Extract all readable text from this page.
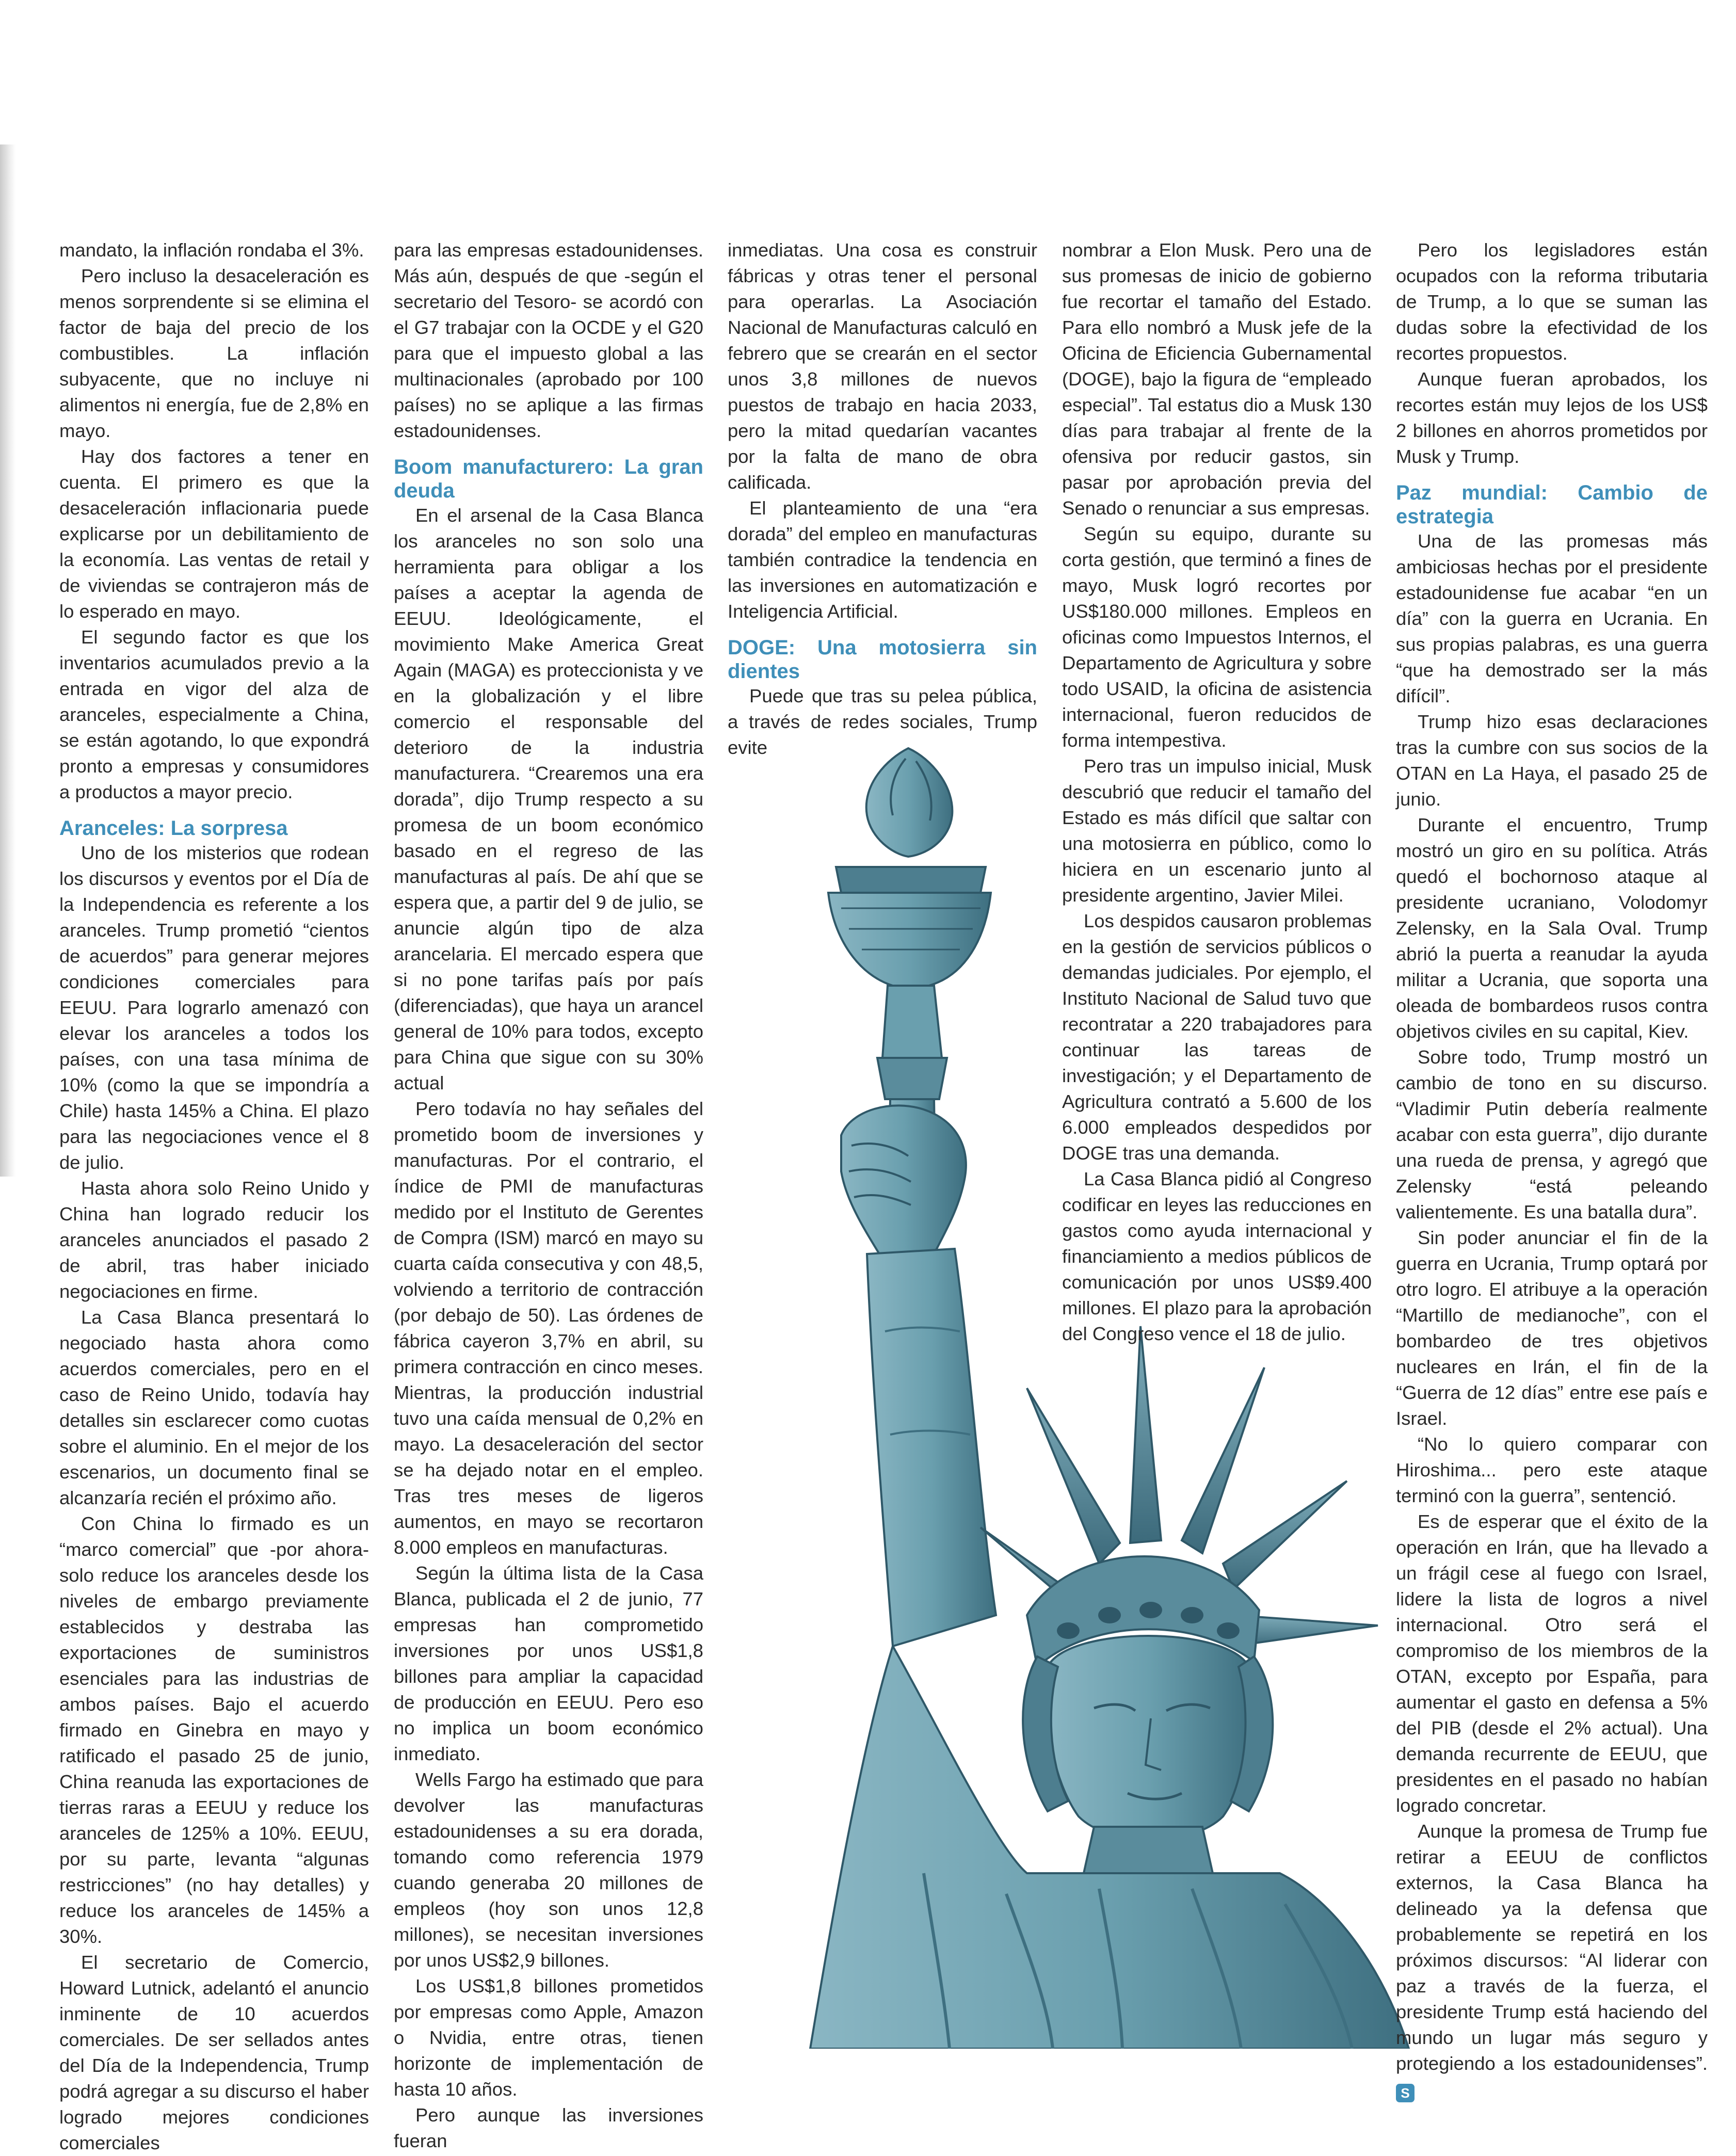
mandato, la inflación rondaba el 3%.

Pero incluso la desaceleración es menos sorprendente si se elimina el factor de baja del precio de los combustibles. La inflación subyacente, que no incluye ni alimentos ni energía, fue de 2,8% en mayo.

Hay dos factores a tener en cuenta. El primero es que la desaceleración inflacionaria puede explicarse por un debilitamiento de la economía. Las ventas de retail y de viviendas se contrajeron más de lo esperado en mayo.

El segundo factor es que los inventarios acumulados previo a la entrada en vigor del alza de aranceles, especialmente a China, se están agotando, lo que expondrá pronto a empresas y consumidores a productos a mayor precio.

Aranceles: La sorpresa

Uno de los misterios que rodean los discursos y eventos por el Día de la Independencia es referente a los aranceles. Trump prometió “cientos de acuerdos” para generar mejores condiciones comerciales para EEUU. Para lograrlo amenazó con elevar los aranceles a todos los países, con una tasa mínima de 10% (como la que se impondría a Chile) hasta 145% a China. El plazo para las negociaciones vence el 8 de julio.

Hasta ahora solo Reino Unido y China han logrado reducir los aranceles anunciados el pasado 2 de abril, tras haber iniciado negociaciones en firme.

La Casa Blanca presentará lo negociado hasta ahora como acuerdos comerciales, pero en el caso de Reino Unido, todavía hay detalles sin esclarecer como cuotas sobre el aluminio. En el mejor de los escenarios, un documento final se alcanzaría recién el próximo año.

Con China lo firmado es un “marco comercial” que -por ahora- solo reduce los aranceles desde los niveles de embargo previamente establecidos y destraba las exportaciones de suministros esenciales para las industrias de ambos países. Bajo el acuerdo firmado en Ginebra en mayo y ratificado el pasado 25 de junio, China reanuda las exportaciones de tierras raras a EEUU y reduce los aranceles de 125% a 10%. EEUU, por su parte, levanta “algunas restricciones” (no hay detalles) y reduce los aranceles de 145% a 30%.

El secretario de Comercio, Howard Lutnick, adelantó el anuncio inminente de 10 acuerdos comerciales. De ser sellados antes del Día de la Independencia, Trump podrá agregar a su discurso el haber logrado mejores condiciones comerciales

para las empresas estadounidenses. Más aún, después de que -según el secretario del Tesoro- se acordó con el G7 trabajar con la OCDE y el G20 para que el impuesto global a las multinacionales (aprobado por 100 países) no se aplique a las firmas estadounidenses.

Boom manufacturero: La gran deuda

En el arsenal de la Casa Blanca los aranceles no son solo una herramienta para obligar a los países a aceptar la agenda de EEUU. Ideológicamente, el movimiento Make America Great Again (MAGA) es proteccionista y ve en la globalización y el libre comercio el responsable del deterioro de la industria manufacturera. “Crearemos una era dorada”, dijo Trump respecto a su promesa de un boom económico basado en el regreso de las manufacturas al país. De ahí que se espera que, a partir del 9 de julio, se anuncie algún tipo de alza arancelaria. El mercado espera que si no pone tarifas país por país (diferenciadas), que haya un arancel general de 10% para todos, excepto para China que sigue con su 30% actual

Pero todavía no hay señales del prometido boom de inversiones y manufacturas. Por el contrario, el índice de PMI de manufacturas medido por el Instituto de Gerentes de Compra (ISM) marcó en mayo su cuarta caída consecutiva y con 48,5, volviendo a territorio de contracción (por debajo de 50). Las órdenes de fábrica cayeron 3,7% en abril, su primera contracción en cinco meses. Mientras, la producción industrial tuvo una caída mensual de 0,2% en mayo. La desaceleración del sector se ha dejado notar en el empleo. Tras tres meses de ligeros aumentos, en mayo se recortaron 8.000 empleos en manufacturas.

Según la última lista de la Casa Blanca, publicada el 2 de junio, 77 empresas han comprometido inversiones por unos US$1,8 billones para ampliar la capacidad de producción en EEUU. Pero eso no implica un boom económico inmediato.

Wells Fargo ha estimado que para devolver las manufacturas estadounidenses a su era dorada, tomando como referencia 1979 cuando generaba 20 millones de empleos (hoy son unos 12,8 millones), se necesitan inversiones por unos US$2,9 billones.

Los US$1,8 billones prometidos por empresas como Apple, Amazon o Nvidia, entre otras, tienen horizonte de implementación de hasta 10 años.

Pero aunque las inversiones fueran

inmediatas. Una cosa es construir fábricas y otras tener el personal para operarlas. La Asociación Nacional de Manufacturas calculó en febrero que se crearán en el sector unos 3,8 millones de nuevos puestos de trabajo en hacia 2033, pero la mitad quedarían vacantes por la falta de mano de obra calificada.

El planteamiento de una “era dorada” del empleo en manufacturas también contradice la tendencia en las inversiones en automatización e Inteligencia Artificial.

DOGE: Una motosierra sin dientes

Puede que tras su pelea pública, a través de redes sociales, Trump evite

nombrar a Elon Musk. Pero una de sus promesas de inicio de gobierno fue recortar el tamaño del Estado. Para ello nombró a Musk jefe de la Oficina de Eficiencia Gubernamental (DOGE), bajo la figura de “empleado especial”. Tal estatus dio a Musk 130 días para trabajar al frente de la ofensiva por reducir gastos, sin pasar por aprobación previa del Senado o renunciar a sus empresas.

Según su equipo, durante su corta gestión, que terminó a fines de mayo, Musk logró recortes por US$180.000 millones. Empleos en oficinas como Impuestos Internos, el Departamento de Agricultura y sobre todo USAID, la oficina de asistencia internacional, fueron reducidos de forma intempestiva.

Pero tras un impulso inicial, Musk descubrió que reducir el tamaño del Estado es más difícil que saltar con una motosierra en público, como lo hiciera en un escenario junto al presidente argentino, Javier Milei.

Los despidos causaron problemas en la gestión de servicios públicos o demandas judiciales. Por ejemplo, el Instituto Nacional de Salud tuvo que recontratar a 220 trabajadores para continuar las tareas de investigación; y el Departamento de Agricultura contrató a 5.600 de los 6.000 empleados despedidos por DOGE tras una demanda.

La Casa Blanca pidió al Congreso codificar en leyes las reducciones en gastos como ayuda internacional y financiamiento a medios públicos de comunicación por unos US$9.400 millones. El plazo para la aprobación del Congreso vence el 18 de julio.

Pero los legisladores están ocupados con la reforma tributaria de Trump, a lo que se suman las dudas sobre la efectividad de los recortes propuestos.

Aunque fueran aprobados, los recortes están muy lejos de los US$ 2 billones en ahorros prometidos por Musk y Trump.

Paz mundial: Cambio de estrategia

Una de las promesas más ambiciosas hechas por el presidente estadounidense fue acabar “en un día” con la guerra en Ucrania. En sus propias palabras, es una guerra “que ha demostrado ser la más difícil”.

Trump hizo esas declaraciones tras la cumbre con sus socios de la OTAN en La Haya, el pasado 25 de junio.

Durante el encuentro, Trump mostró un giro en su política. Atrás quedó el bochornoso ataque al presidente ucraniano, Volodomyr Zelensky, en la Sala Oval. Trump abrió la puerta a reanudar la ayuda militar a Ucrania, que soporta una oleada de bombardeos rusos contra objetivos civiles en su capital, Kiev.

Sobre todo, Trump mostró un cambio de tono en su discurso. “Vladimir Putin debería realmente acabar con esta guerra”, dijo durante una rueda de prensa, y agregó que Zelensky “está peleando valientemente. Es una batalla dura”.

Sin poder anunciar el fin de la guerra en Ucrania, Trump optará por otro logro. El atribuye a la operación “Martillo de medianoche”, con el bombardeo de tres objetivos nucleares en Irán, el fin de la “Guerra de 12 días” entre ese país e Israel.

“No lo quiero comparar con Hiroshima... pero este ataque terminó con la guerra”, sentenció.

Es de esperar que el éxito de la operación en Irán, que ha llevado a un frágil cese al fuego con Israel, lidere la lista de logros a nivel internacional. Otro será el compromiso de los miembros de la OTAN, excepto por España, para aumentar el gasto en defensa a 5% del PIB (desde el 2% actual). Una demanda recurrente de EEUU, que presidentes en el pasado no habían logrado concretar.

Aunque la promesa de Trump fue retirar a EEUU de conflictos externos, la Casa Blanca ha delineado ya la defensa que probablemente se repetirá en los próximos discursos: “Al liderar con paz a través de la fuerza, el presidente Trump está haciendo del mundo un lugar más seguro y protegiendo a los estadounidenses”. S
